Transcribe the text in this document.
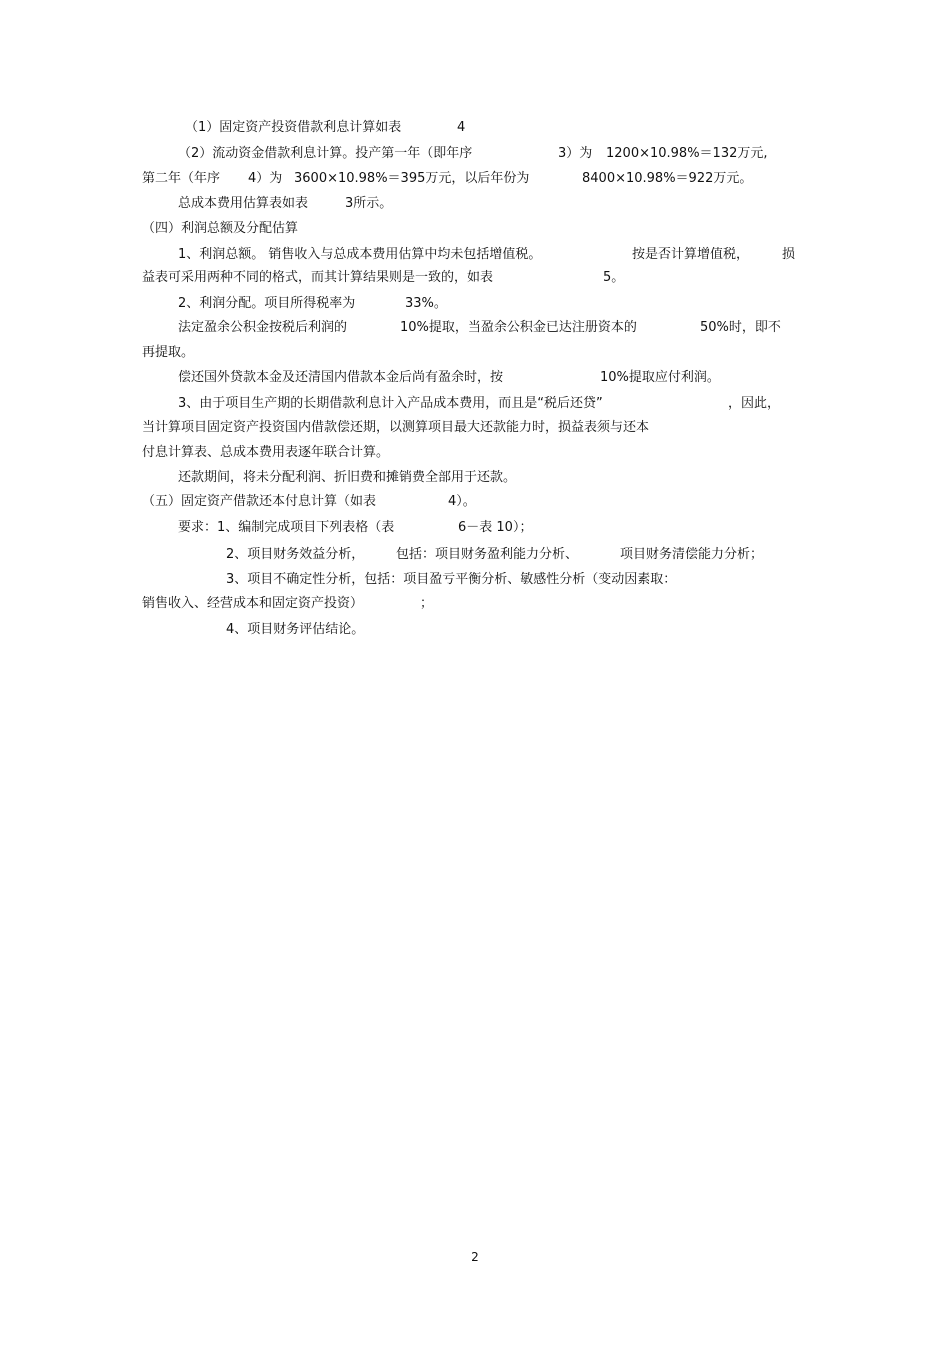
（1）固定资产投资借款利息计算如表	4
（2）流动资金借款利息计算。投产第一年（即年序	3）为 1200×10.98%＝132万元,
第二年（年序 4）为 3600×10.98%＝395万元，以后年份为	8400×10.98%＝922万元。
总成本费用估算表如表	3所示。
（四）利润总额及分配估算
1、利润总额。 销售收入与总成本费用估算中均未包括增值税。	按是否计算增值税，	损
益表可采用两种不同的格式，而其计算结果则是一致的，如表	5。
2、利润分配。项目所得税率为	33%。
法定盈余公积金按税后利润的	10%提取，当盈余公积金已达注册资本的	50%时，即不
再提取。
偿还国外贷款本金及还清国内借款本金后尚有盈余时，按	10%提取应付利润。
3、由于项目生产期的长期借款利息计入产品成本费用，而且是“税后还贷”	，因此，
当计算项目固定资产投资国内借款偿还期，以测算项目最大还款能力时，损益表须与还本
付息计算表、总成本费用表逐年联合计算。
还款期间，将未分配利润、折旧费和摊销费全部用于还款。
（五）固定资产借款还本付息计算（如表	4）。
要求：1、编制完成项目下列表格（表	6－表 10）；
2、项目财务效益分析， 包括：项目财务盈利能力分析、	项目财务清偿能力分析；
3、项目不确定性分析，包括：项目盈亏平衡分析、敏感性分析（变动因素取：
销售收入、经营成本和固定资产投资）	；
4、项目财务评估结论。
2
